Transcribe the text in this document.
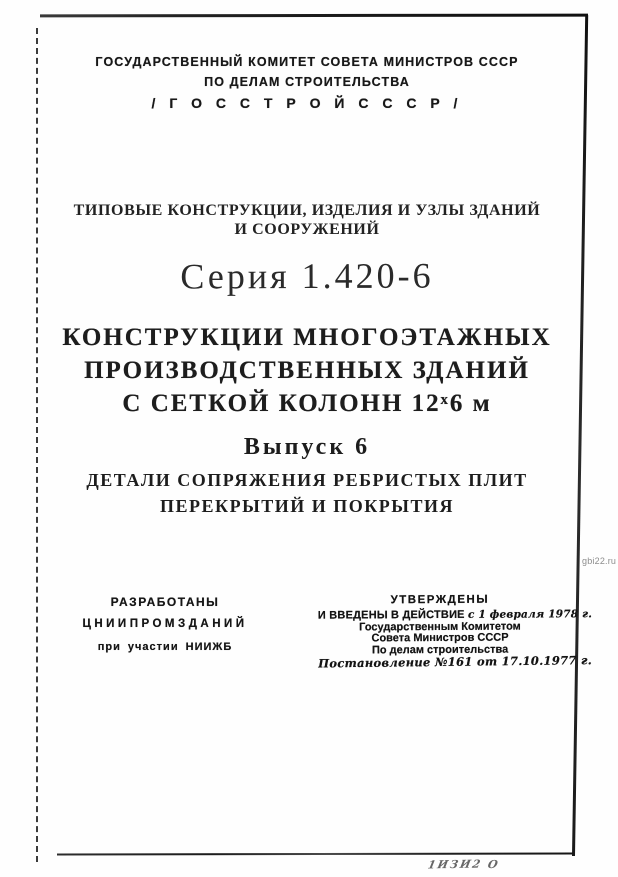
ГОСУДАРСТВЕННЫЙ КОМИТЕТ СОВЕТА МИНИСТРОВ СССР
ПО ДЕЛАМ СТРОИТЕЛЬСТВА
/ Г О С С Т Р О Й С С С Р /
ТИПОВЫЕ КОНСТРУКЦИИ, ИЗДЕЛИЯ И УЗЛЫ ЗДАНИЙ
И СООРУЖЕНИЙ
Серия 1.420-6
КОНСТРУКЦИИ МНОГОЭТАЖНЫХ
ПРОИЗВОДСТВЕННЫХ ЗДАНИЙ
С СЕТКОЙ КОЛОНН 12ˣ6 м
Выпуск 6
ДЕТАЛИ СОПРЯЖЕНИЯ РЕБРИСТЫХ ПЛИТ
ПЕРЕКРЫТИЙ И ПОКРЫТИЯ
РАЗРАБОТАНЫ
ЦНИИПРОМЗДАНИЙ
при участии НИИЖБ
УТВЕРЖДЕНЫ
И ВВЕДЕНЫ В ДЕЙСТВИЕ с 1 февраля 1978 г.
Государственным Комитетом
Совета Министров СССР
По делам строительства
Постановление №161 от 17.10.1977 г.
gbi22.ru
1ИЗИ2 О
